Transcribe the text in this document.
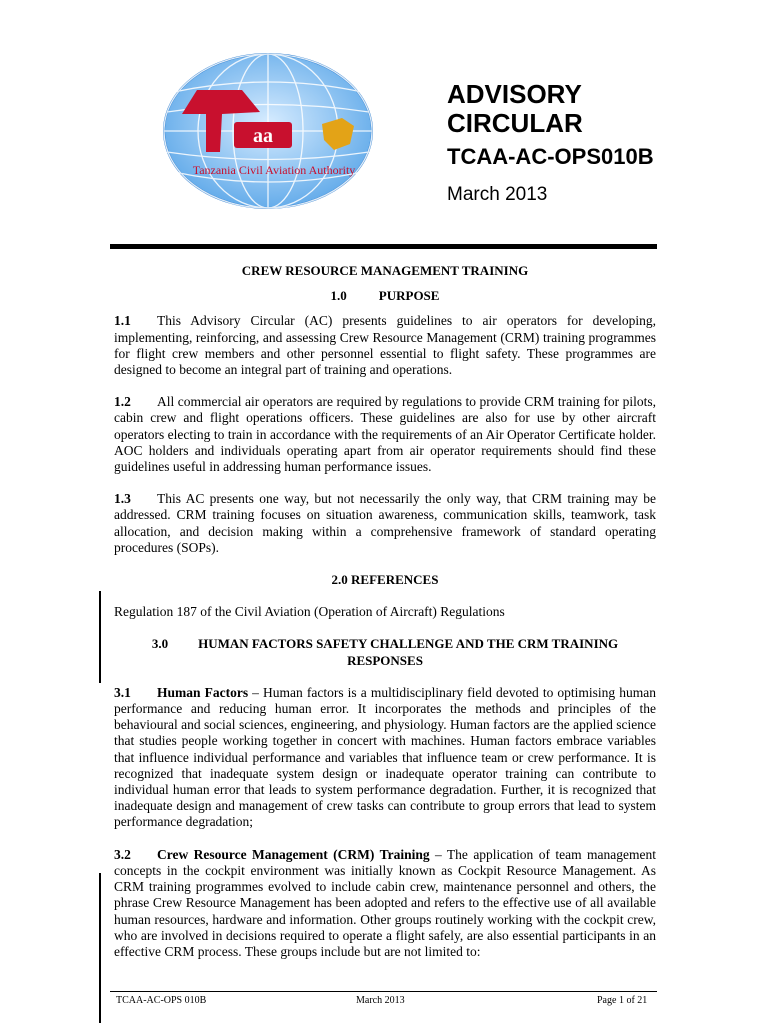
aa
Tanzania Civil Aviation Authority
ADVISORY
CIRCULAR
TCAA-AC-OPS010B
March 2013
CREW RESOURCE MANAGEMENT TRAINING
1.0 PURPOSE

1.1 This Advisory Circular (AC) presents guidelines to air operators for developing, implementing, reinforcing, and assessing Crew Resource Management (CRM) training programmes for flight crew members and other personnel essential to flight safety. These programmes are designed to become an integral part of training and operations.

1.2 All commercial air operators are required by regulations to provide CRM training for pilots, cabin crew and flight operations officers. These guidelines are also for use by other aircraft operators electing to train in accordance with the requirements of an Air Operator Certificate holder. AOC holders and individuals operating apart from air operator requirements should find these guidelines useful in addressing human performance issues.

1.3 This AC presents one way, but not necessarily the only way, that CRM training may be addressed. CRM training focuses on situation awareness, communication skills, teamwork, task allocation, and decision making within a comprehensive framework of standard operating procedures (SOPs).

2.0 REFERENCES

Regulation 187 of the Civil Aviation (Operation of Aircraft) Regulations

3.0 HUMAN FACTORS SAFETY CHALLENGE AND THE CRM TRAINING RESPONSES

3.1 Human Factors – Human factors is a multidisciplinary field devoted to optimising human performance and reducing human error. It incorporates the methods and principles of the behavioural and social sciences, engineering, and physiology. Human factors are the applied science that studies people working together in concert with machines. Human factors embrace variables that influence individual performance and variables that influence team or crew performance. It is recognized that inadequate system design or inadequate operator training can contribute to individual human error that leads to system performance degradation. Further, it is recognized that inadequate design and management of crew tasks can contribute to group errors that lead to system performance degradation;

3.2 Crew Resource Management (CRM) Training – The application of team management concepts in the cockpit environment was initially known as Cockpit Resource Management. As CRM training programmes evolved to include cabin crew, maintenance personnel and others, the phrase Crew Resource Management has been adopted and refers to the effective use of all available human resources, hardware and information. Other groups routinely working with the cockpit crew, who are involved in decisions required to operate a flight safely, are also essential participants in an effective CRM process. These groups include but are not limited to:

TCAA-AC-OPS 010B	March 2013	Page 1 of 21
